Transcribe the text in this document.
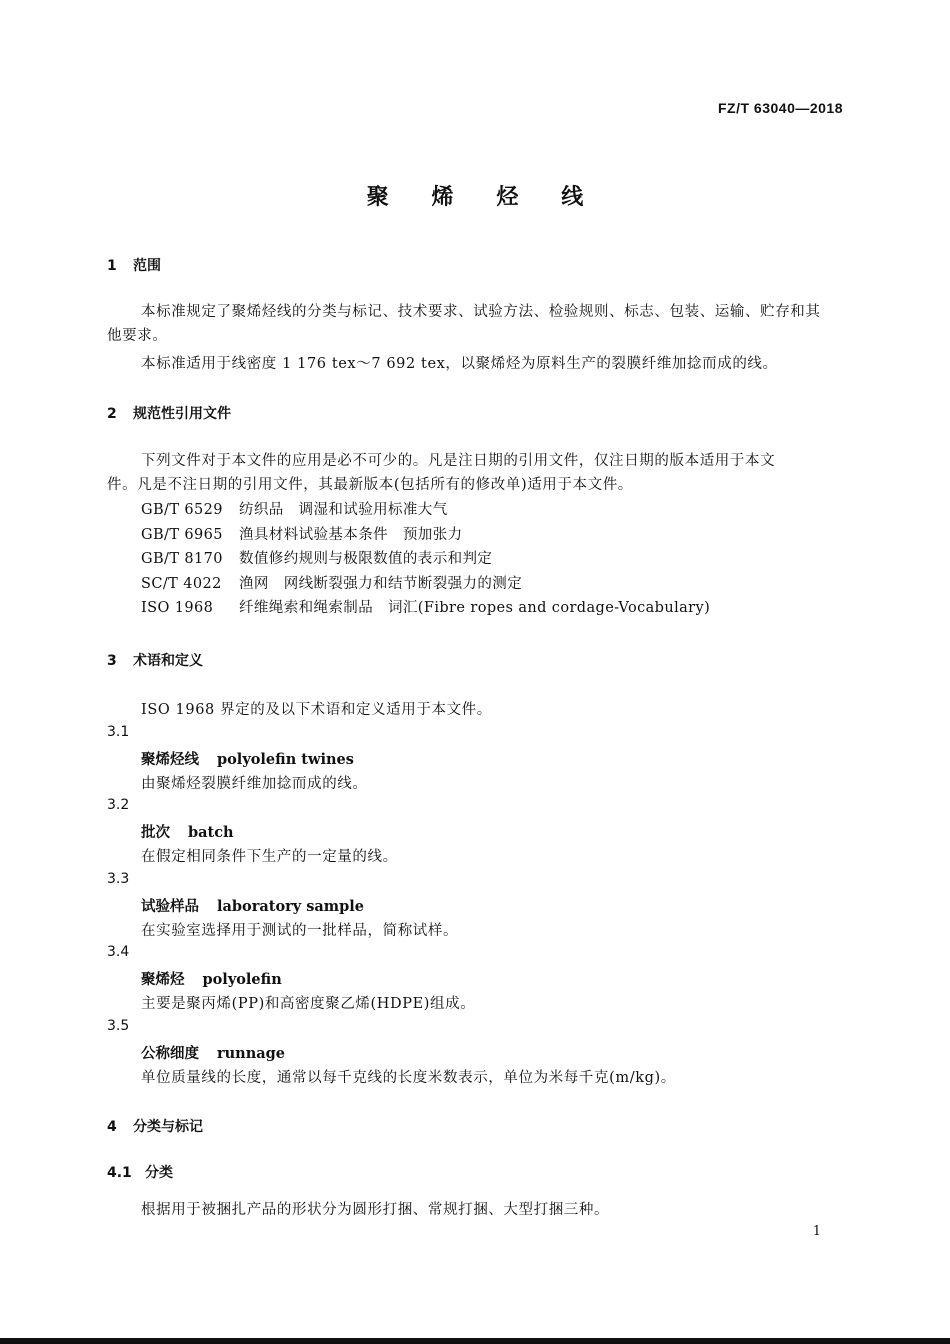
FZ/T 63040—2018
聚 烯 烃 线
1 范围
本标准规定了聚烯烃线的分类与标记、技术要求、试验方法、检验规则、标志、包装、运输、贮存和其
他要求。
本标准适用于线密度 1 176 tex～7 692 tex，以聚烯烃为原料生产的裂膜纤维加捻而成的线。
2 规范性引用文件
下列文件对于本文件的应用是必不可少的。凡是注日期的引用文件，仅注日期的版本适用于本文
件。凡是不注日期的引用文件，其最新版本(包括所有的修改单)适用于本文件。
GB/T 6529 纺织品　调湿和试验用标准大气
GB/T 6965 渔具材料试验基本条件　预加张力
GB/T 8170 数值修约规则与极限数值的表示和判定
SC/T 4022 渔网　网线断裂强力和结节断裂强力的测定
ISO 1968 纤维绳索和绳索制品　词汇(Fibre ropes and cordage-Vocabulary)
3 术语和定义
ISO 1968 界定的及以下术语和定义适用于本文件。
3.1
聚烯烃线 polyolefin twines
由聚烯烃裂膜纤维加捻而成的线。
3.2
批次 batch
在假定相同条件下生产的一定量的线。
3.3
试验样品 laboratory sample
在实验室选择用于测试的一批样品，简称试样。
3.4
聚烯烃 polyolefin
主要是聚丙烯(PP)和高密度聚乙烯(HDPE)组成。
3.5
公称细度 runnage
单位质量线的长度，通常以每千克线的长度米数表示，单位为米每千克(m/kg)。
4 分类与标记
4.1 分类
根据用于被捆扎产品的形状分为圆形打捆、常规打捆、大型打捆三种。
1
